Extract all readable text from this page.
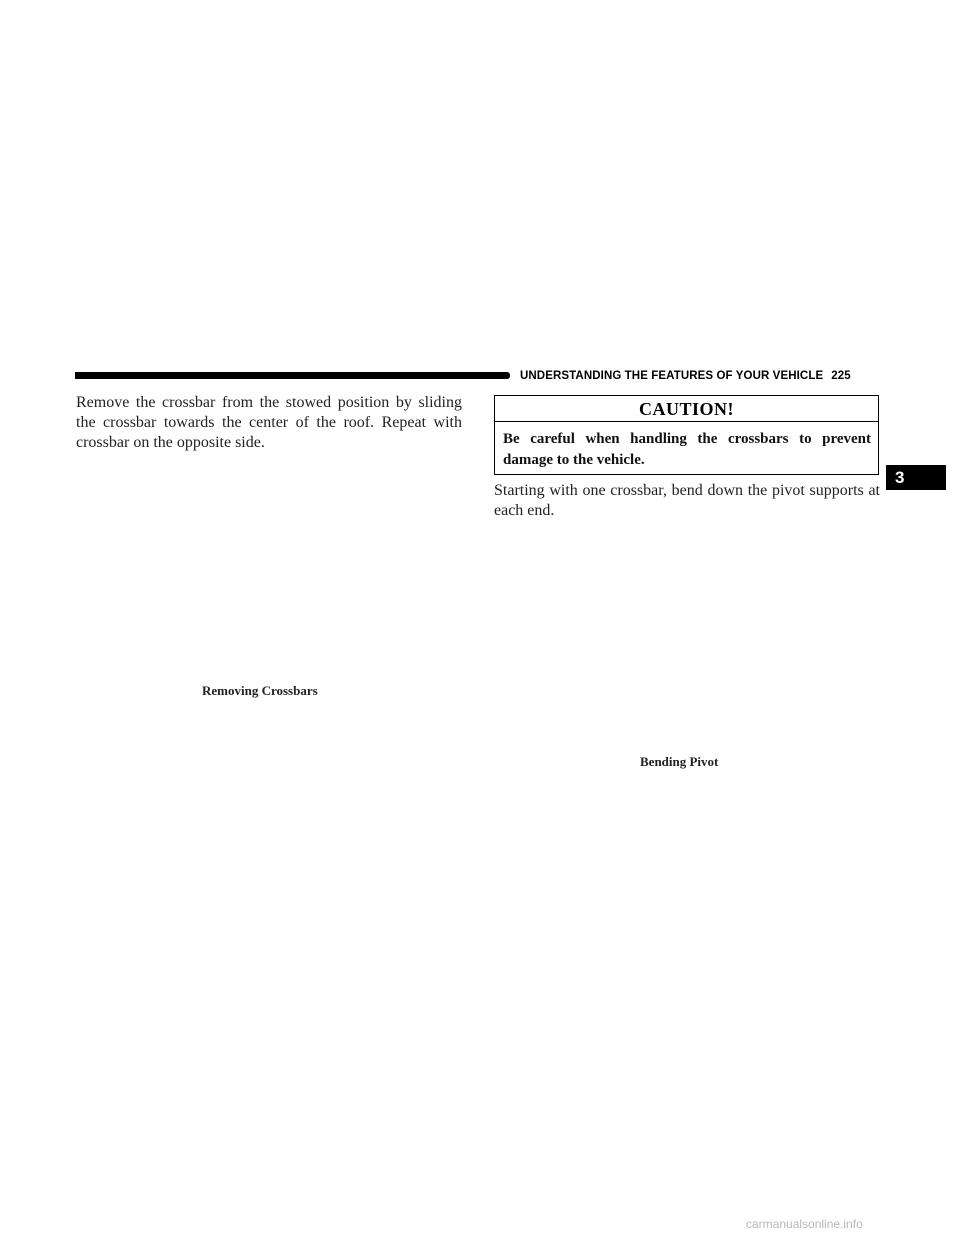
UNDERSTANDING THE FEATURES OF YOUR VEHICLE 225

Remove the crossbar from the stowed position by sliding the crossbar towards the center of the roof. Repeat with crossbar on the opposite side.

CAUTION!

Be careful when handling the crossbars to prevent damage to the vehicle.

Starting with one crossbar, bend down the pivot supports at each end.

Removing Crossbars
Bending Pivot
3
carmanualsonline.info
